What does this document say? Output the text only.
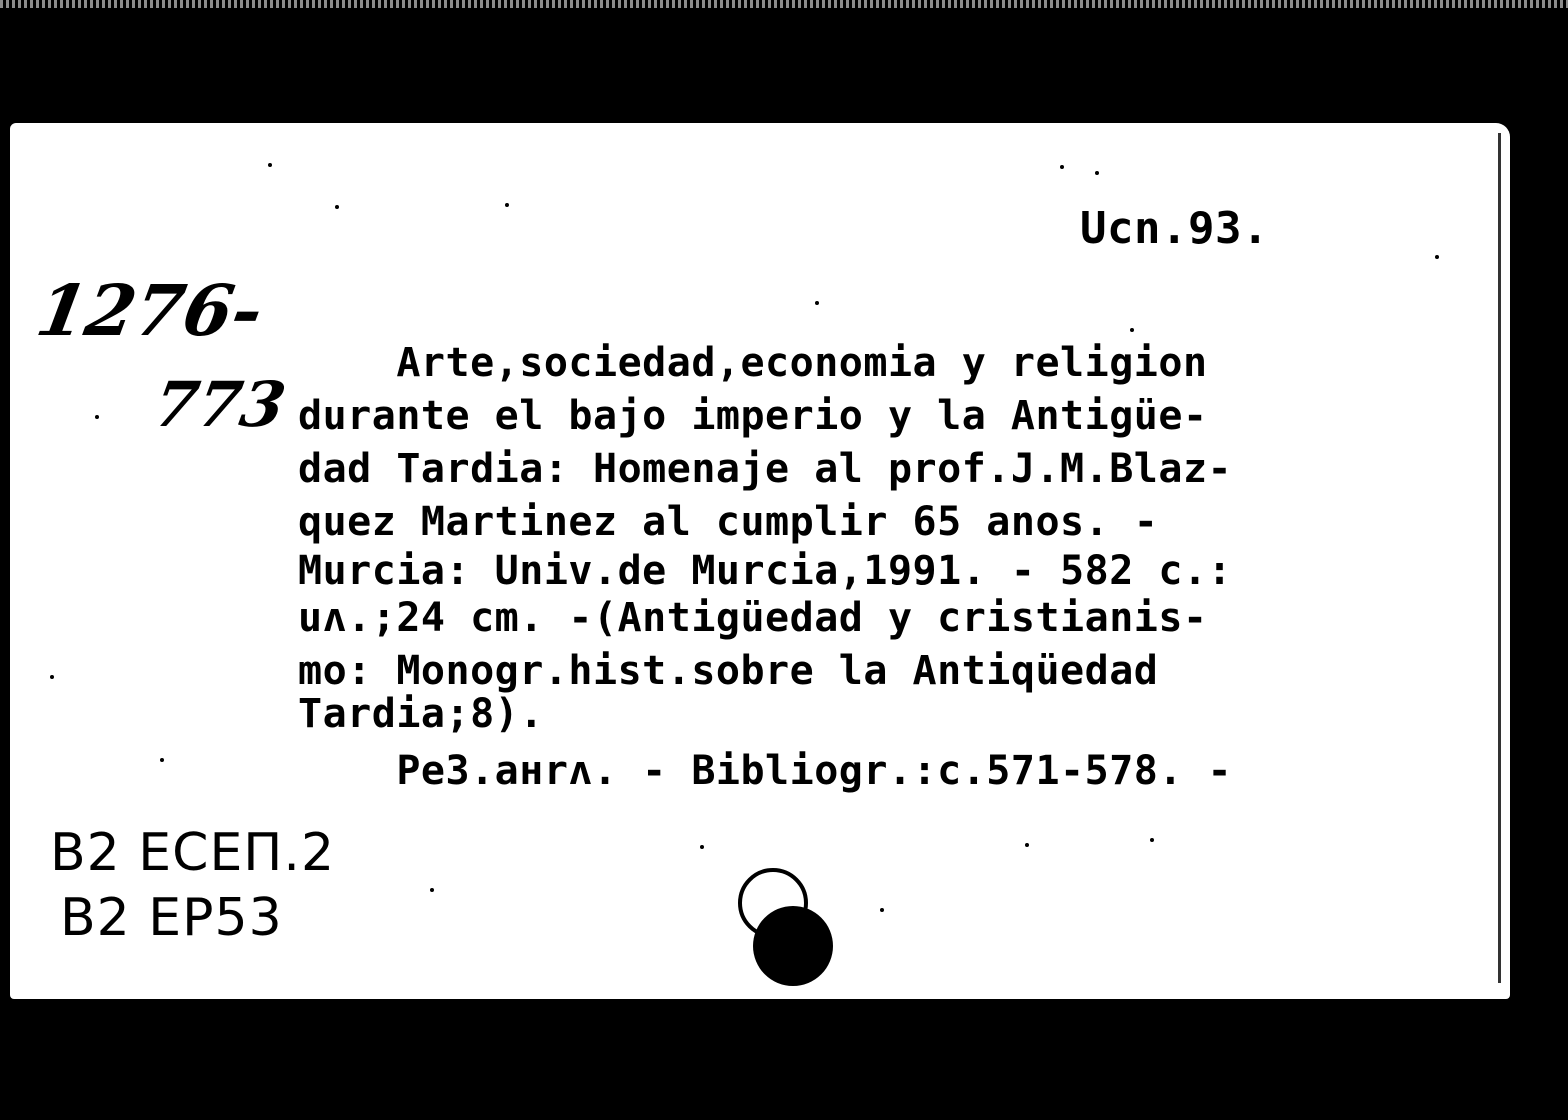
Ucn.93.
1276-
773
Arte,sociedad,economia y religion
durante el bajo imperio y la Antigüe-
dad Tardia: Homenaje al prof.J.M.Blaz-
quez Martinez al cumplir 65 anos. -
Murcia: Univ.de Murcia,1991. - 582 c.:
uʌ.;24 cm. -(Antigüedad y cristianis-
mo: Monogr.hist.sobre la Antiqüedad
Tardia;8).
Pe3.aнrʌ. - Bibliogr.:c.571-578. -
B2 ECEП.2
B2 EP53
